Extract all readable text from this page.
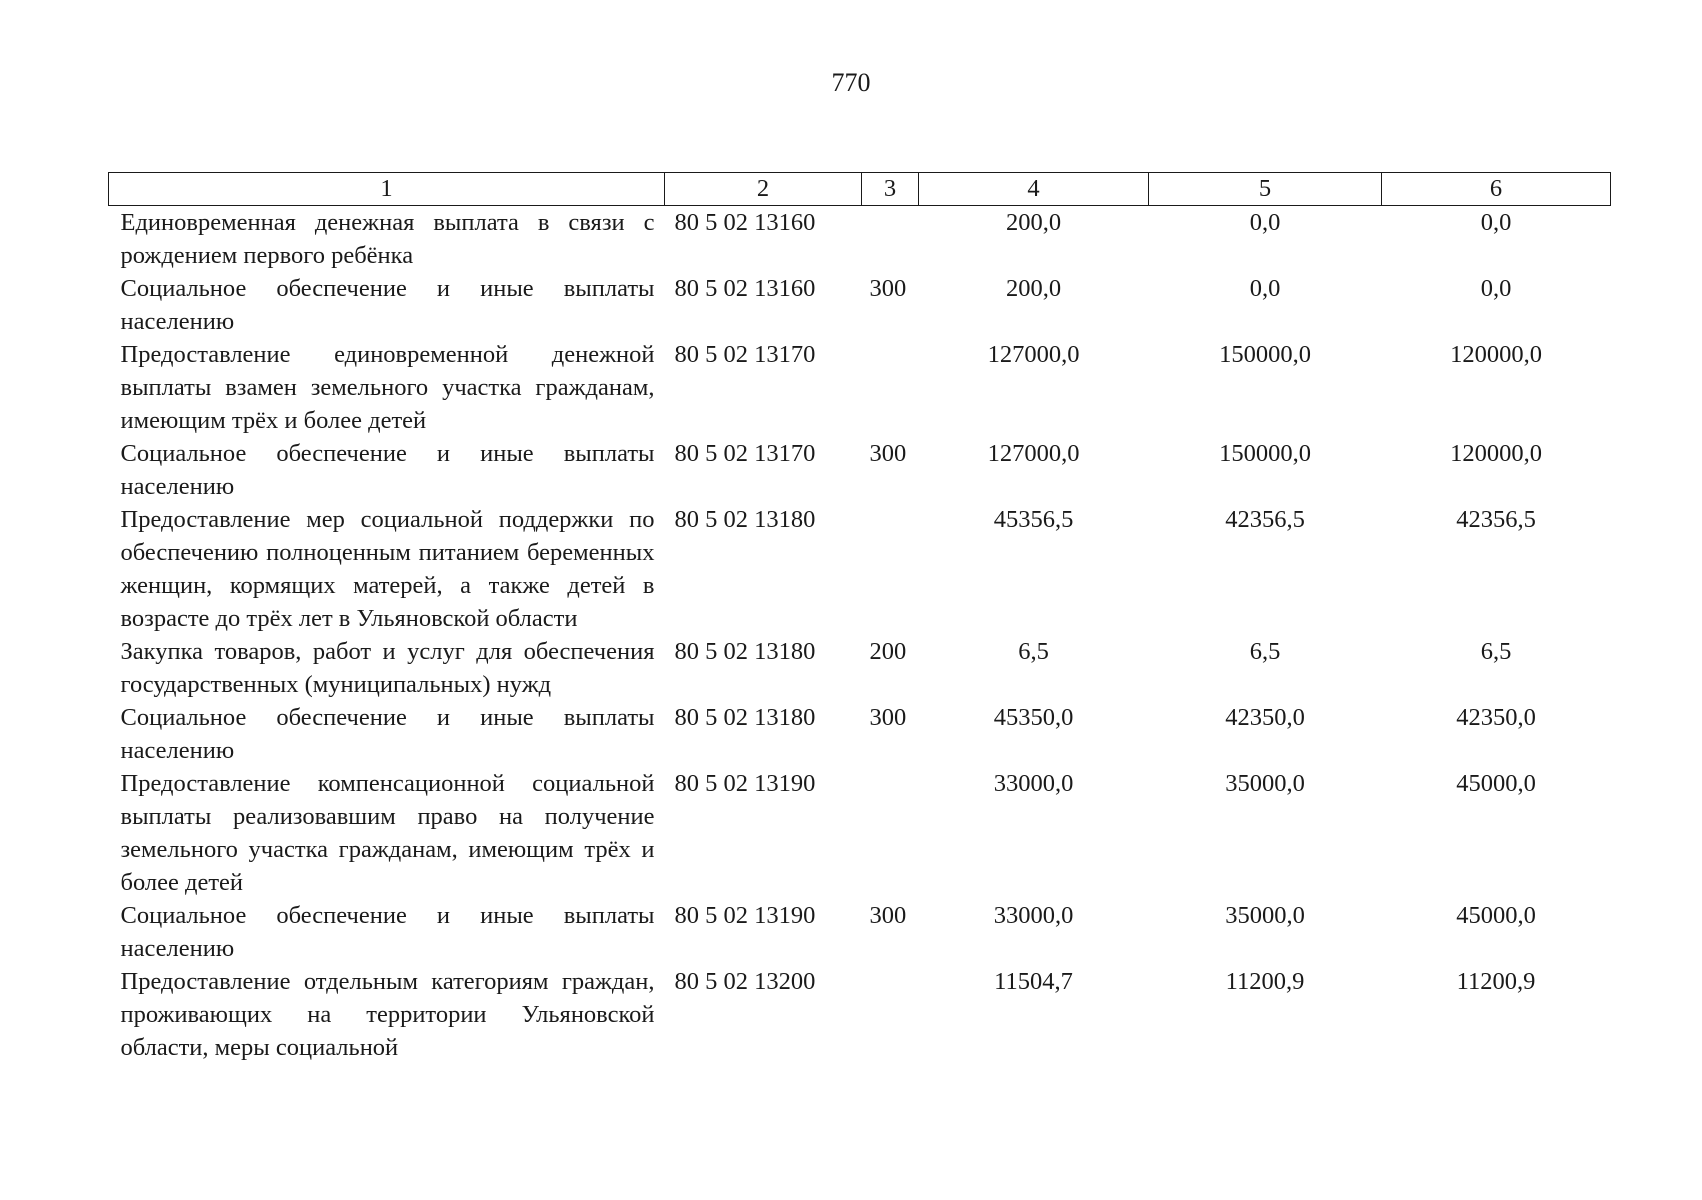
770
1	2	3	4	5	6
Единовременная денежная выплата в связи с рождением первого ребёнка	80 5 02 13160		200,0	0,0	0,0
Социальное обеспечение и иные выплаты населению	80 5 02 13160	300	200,0	0,0	0,0
Предоставление единовременной денежной выплаты взамен земельного участка гражданам, имеющим трёх и более детей	80 5 02 13170		127000,0	150000,0	120000,0
Социальное обеспечение и иные выплаты населению	80 5 02 13170	300	127000,0	150000,0	120000,0
Предоставление мер социальной поддержки по обеспечению полноценным питанием беременных женщин, кормящих матерей, а также детей в возрасте до трёх лет в Ульяновской области	80 5 02 13180		45356,5	42356,5	42356,5
Закупка товаров, работ и услуг для обеспечения государственных (муниципальных) нужд	80 5 02 13180	200	6,5	6,5	6,5
Социальное обеспечение и иные выплаты населению	80 5 02 13180	300	45350,0	42350,0	42350,0
Предоставление компенсационной социальной выплаты реализовавшим право на получение земельного участка гражданам, имеющим трёх и более детей	80 5 02 13190		33000,0	35000,0	45000,0
Социальное обеспечение и иные выплаты населению	80 5 02 13190	300	33000,0	35000,0	45000,0
Предоставление отдельным категориям граждан, проживающих на территории Ульяновской области, меры социальной	80 5 02 13200		11504,7	11200,9	11200,9
